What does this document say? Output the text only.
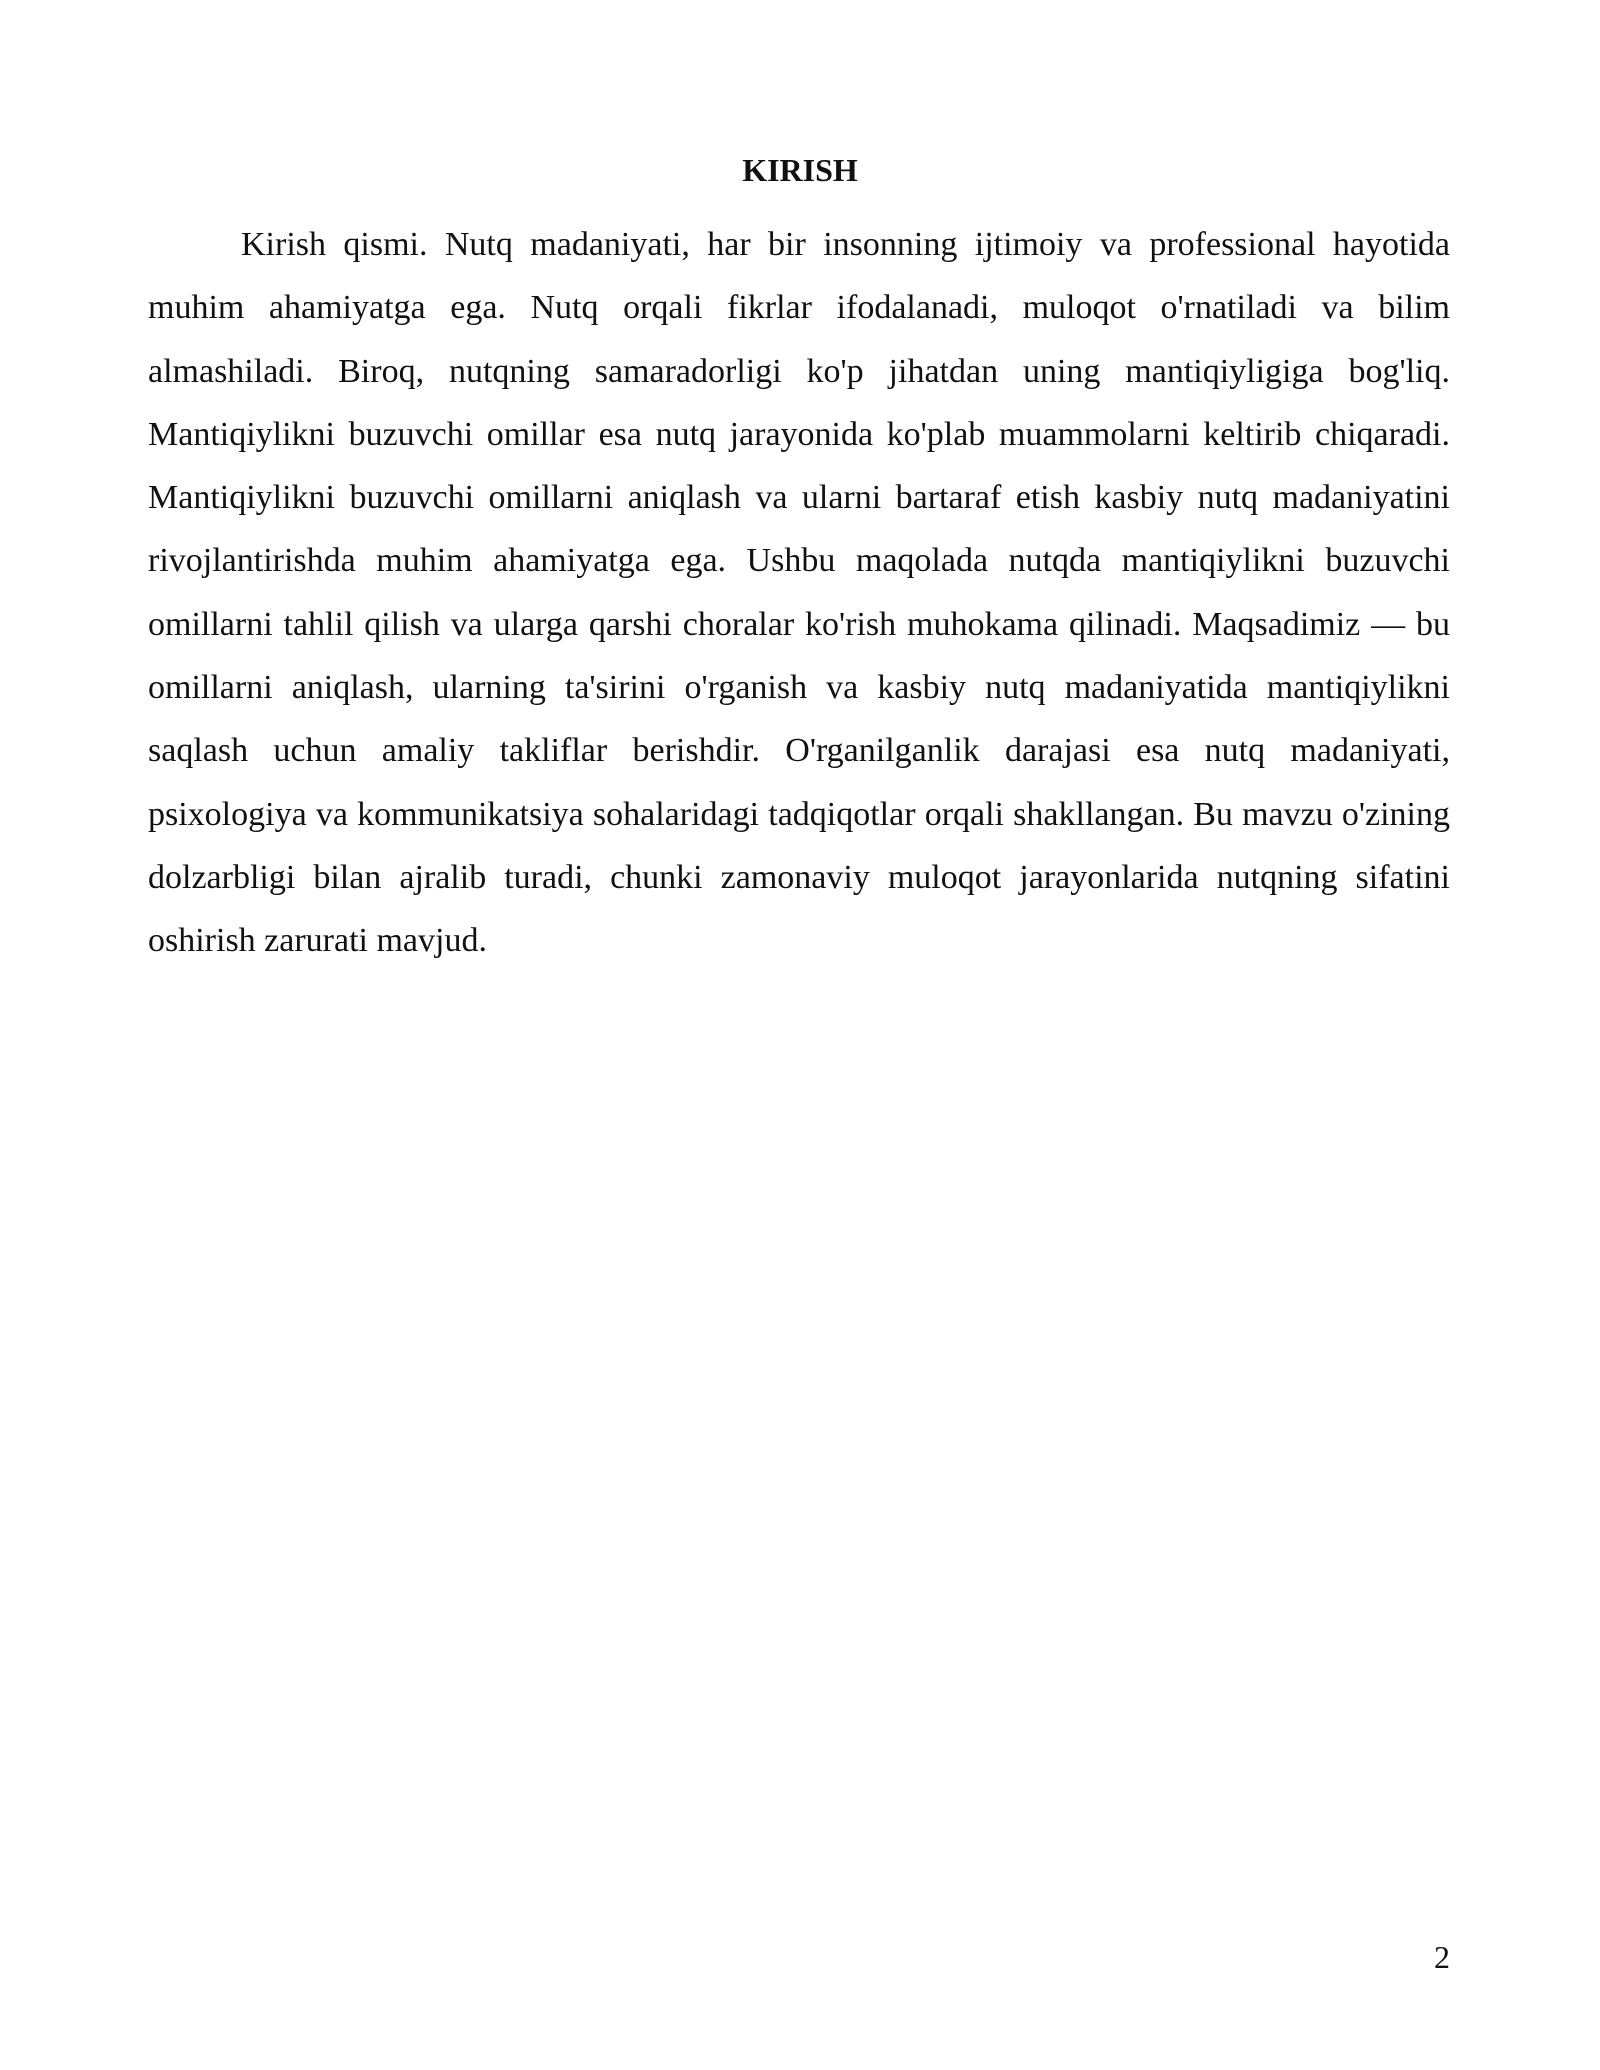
KIRISH

Kirish qismi. Nutq madaniyati, har bir insonning ijtimoiy va professional hayotida muhim ahamiyatga ega. Nutq orqali fikrlar ifodalanadi, muloqot o'rnatiladi va bilim almashiladi. Biroq, nutqning samaradorligi ko'p jihatdan uning mantiqiyligiga bog'liq. Mantiqiylikni buzuvchi omillar esa nutq jarayonida ko'plab muammolarni keltirib chiqaradi. Mantiqiylikni buzuvchi omillarni aniqlash va ularni bartaraf etish kasbiy nutq madaniyatini rivojlantirishda muhim ahamiyatga ega. Ushbu maqolada nutqda mantiqiylikni buzuvchi omillarni tahlil qilish va ularga qarshi choralar ko'rish muhokama qilinadi. Maqsadimiz — bu omillarni aniqlash, ularning ta'sirini o'rganish va kasbiy nutq madaniyatida mantiqiylikni saqlash uchun amaliy takliflar berishdir. O'rganilganlik darajasi esa nutq madaniyati, psixologiya va kommunikatsiya sohalaridagi tadqiqotlar orqali shakllangan. Bu mavzu o'zining dolzarbligi bilan ajralib turadi, chunki zamonaviy muloqot jarayonlarida nutqning sifatini oshirish zarurati mavjud.

2
